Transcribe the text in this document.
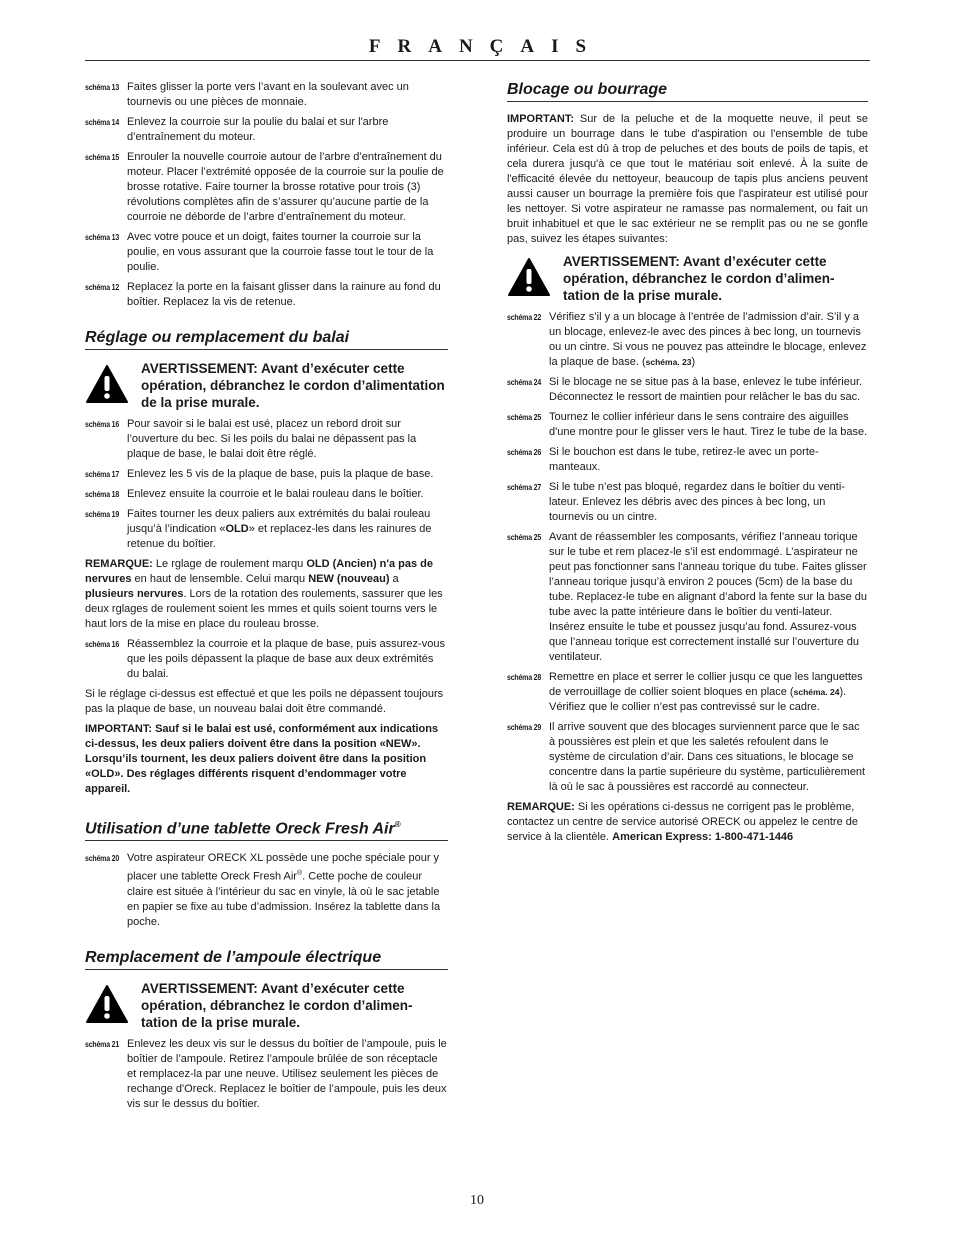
FRANÇAIS
schéma 13 Faites glisser la porte vers l’avant en la soulevant avec un tournevis ou une pièces de monnaie.
schéma 14 Enlevez la courroie sur la poulie du balai et sur l'arbre d’entraînement du moteur.
schéma 15 Enrouler la nouvelle courroie autour de l’arbre d’entraînement du moteur. Placer l’extrémité opposée de la courroie sur la poulie de brosse rotative. Faire tourner la brosse rotative pour trois (3) révolutions complètes afin de s’assurer qu’aucune partie de la courroie ne déborde de l’arbre d’entraînement du moteur.
schéma 13 Avec votre pouce et un doigt, faites tourner la courroie sur la poulie, en vous assurant que la courroie fasse tout le tour de la poulie.
schéma 12 Replacez la porte en la faisant glisser dans la rainure au fond du boîtier. Replacez la vis de retenue.
Réglage ou remplacement du balai
AVERTISSEMENT: Avant d’exécuter cette opération, débranchez le cordon d’alimentation de la prise murale.
schéma 16 Pour savoir si le balai est usé, placez un rebord droit sur l’ouverture du bec. Si les poils du balai ne dépassent pas la plaque de base, le balai doit être réglé.
schéma 17 Enlevez les 5 vis de la plaque de base, puis la plaque de base.
schéma 18 Enlevez ensuite la courroie et le balai rouleau dans le boîtier.
schéma 19 Faites tourner les deux paliers aux extrémités du balai rouleau jusqu’à l’indication «OLD» et replacez-les dans les rainures de retenue du boîtier.
REMARQUE: Le rglage de roulement marqu OLD (Ancien) n'a pas de nervures en haut de lensemble. Celui marqu NEW (nouveau) a plusieurs nervures. Lors de la rotation des roulements, sassurer que les deux rglages de roulement soient les mmes et quils soient tourns vers le haut lors de la mise en place du rouleau brosse.
schéma 16 Réassemblez la courroie et la plaque de base, puis assurez-vous que les poils dépassent la plaque de base aux deux extrémités du balai.
Si le réglage ci-dessus est effectué et que les poils ne dépassent toujours pas la plaque de base, un nouveau balai doit être commandé.
IMPORTANT: Sauf si le balai est usé, conformément aux indications ci-dessus, les deux paliers doivent être dans la position «NEW». Lorsqu’ils tournent, les deux paliers doivent être dans la position «OLD». Des réglages différents risquent d’endommager votre appareil.
Utilisation d’une tablette Oreck Fresh Air®
schéma 20 Votre aspirateur ORECK XL possède une poche spéciale pour y placer une tablette Oreck Fresh Air®. Cette poche de couleur claire est située à l’intérieur du sac en vinyle, là où le sac jetable en papier se fixe au tube d’admission. Insérez la tablette dans la poche.
Remplacement de l’ampoule électrique
AVERTISSEMENT: Avant d’exécuter cette opération, débranchez le cordon d’alimen-tation de la prise murale.
schéma 21 Enlevez les deux vis sur le dessus du boîtier de l’ampoule, puis le boîtier de l’ampoule. Retirez l’ampoule brûlée de son réceptacle et remplacez-la par une neuve. Utilisez seulement les pièces de rechange d'Oreck. Replacez le boîtier de l’ampoule, puis les deux vis sur le dessus du boîtier.
Blocage ou bourrage
IMPORTANT: Sur de la peluche et de la moquette neuve, il peut se produire un bourrage dans le tube d'aspiration ou l'ensemble de tube inférieur. Cela est dû à trop de peluches et des bouts de poils de tapis, et cela durera jusqu'à ce que tout le matériau soit enlevé. À la suite de l'efficacité élevée du nettoyeur, beaucoup de tapis plus anciens peuvent aussi causer un bourrage la première fois que l'aspirateur est utilisé pour les nettoyer. Si votre aspirateur ne ramasse pas normalement, ou fait un bruit inhabituel et que le sac extérieur ne se remplit pas ou ne se gonfle pas, suivez les étapes suivantes:
AVERTISSEMENT: Avant d’exécuter cette opération, débranchez le cordon d’alimen-tation de la prise murale.
schéma 22 Vérifiez s’il y a un blocage à l’entrée de l’admission d’air. S’il y a un blocage, enlevez-le avec des pinces à bec long, un tournevis ou un cintre. Si vous ne pouvez pas atteindre le blocage, enlevez la plaque de base. (schéma. 23)
schéma 24 Si le blocage ne se situe pas à la base, enlevez le tube inférieur. Déconnectez le ressort de maintien pour relâcher le bas du sac.
schéma 25 Tournez le collier inférieur dans le sens contraire des aiguilles d'une montre pour le glisser vers le haut. Tirez le tube de la base.
schéma 26 Si le bouchon est dans le tube, retirez-le avec un porte-manteaux.
schéma 27 Si le tube n’est pas bloqué, regardez dans le boîtier du venti-lateur. Enlevez les débris avec des pinces à bec long, un tournevis ou un cintre.
schéma 25 Avant de réassembler les composants, vérifiez l’anneau torique sur le tube et rem placez-le s’il est endommagé. L’aspirateur ne peut pas fonctionner sans l'anneau torique du tube. Faites glisser l’anneau torique jusqu’à environ 2 pouces (5cm) de la base du tube. Replacez-le tube en alignant d’abord la fente sur la base du tube avec la patte intérieure dans le boîtier du venti-lateur. Insérez ensuite le tube et poussez jusqu’au fond. Assurez-vous que l’anneau torique est correctement installé sur l’ouverture du ventilateur.
schéma 28 Remettre en place et serrer le collier jusqu ce que les languettes de verrouillage de collier soient bloques en place (schéma. 24). Vérifiez que le collier n’est pas contrevissé sur le cadre.
schéma 29 Il arrive souvent que des blocages surviennent parce que le sac à poussières est plein et que les saletés refoulent dans le système de circulation d’air. Dans ces situations, le blocage se concentre dans la partie supérieure du système, particulièrement là où le sac à poussières est raccordé au connecteur.
REMARQUE: Si les opérations ci-dessus ne corrigent pas le problème, contactez un centre de service autorisé ORECK ou appelez le centre de service à la clientèle. American Express: 1-800-471-1446
10
